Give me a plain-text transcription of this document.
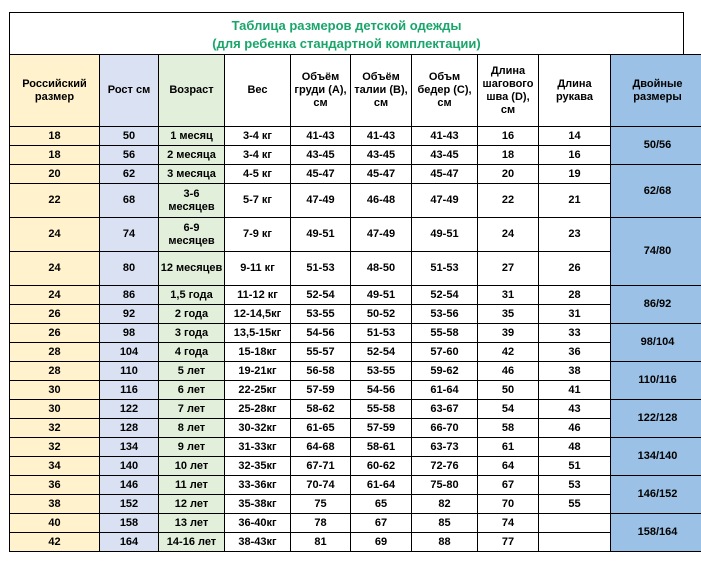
Таблица размеров детской одежды
(для ребенка стандартной комплектации)
Российский размер	Рост см	Возраст	Вес	Объём груди (А), см	Объём талии (В), см	Объм бедер (С), см	Длина шагового шва (D), см	Длина рукава	Двойные размеры
18	50	1 месяц	3-4 кг	41-43	41-43	41-43	16	14	50/56
18	56	2 месяца	3-4 кг	43-45	43-45	43-45	18	16	
20	62	3 месяца	4-5 кг	45-47	45-47	45-47	20	19	62/68
22	68	3-6 месяцев	5-7 кг	47-49	46-48	47-49	22	21	
24	74	6-9 месяцев	7-9 кг	49-51	47-49	49-51	24	23	74/80
24	80	12 месяцев	9-11 кг	51-53	48-50	51-53	27	26	
24	86	1,5 года	11-12 кг	52-54	49-51	52-54	31	28	86/92
26	92	2 года	12-14,5кг	53-55	50-52	53-56	35	31	
26	98	3 года	13,5-15кг	54-56	51-53	55-58	39	33	98/104
28	104	4 года	15-18кг	55-57	52-54	57-60	42	36	
28	110	5 лет	19-21кг	56-58	53-55	59-62	46	38	110/116
30	116	6 лет	22-25кг	57-59	54-56	61-64	50	41	
30	122	7 лет	25-28кг	58-62	55-58	63-67	54	43	122/128
32	128	8 лет	30-32кг	61-65	57-59	66-70	58	46	
32	134	9 лет	31-33кг	64-68	58-61	63-73	61	48	134/140
34	140	10 лет	32-35кг	67-71	60-62	72-76	64	51	
36	146	11 лет	33-36кг	70-74	61-64	75-80	67	53	146/152
38	152	12 лет	35-38кг	75	65	82	70	55	
40	158	13 лет	36-40кг	78	67	85	74		158/164
42	164	14-16 лет	38-43кг	81	69	88	77		
